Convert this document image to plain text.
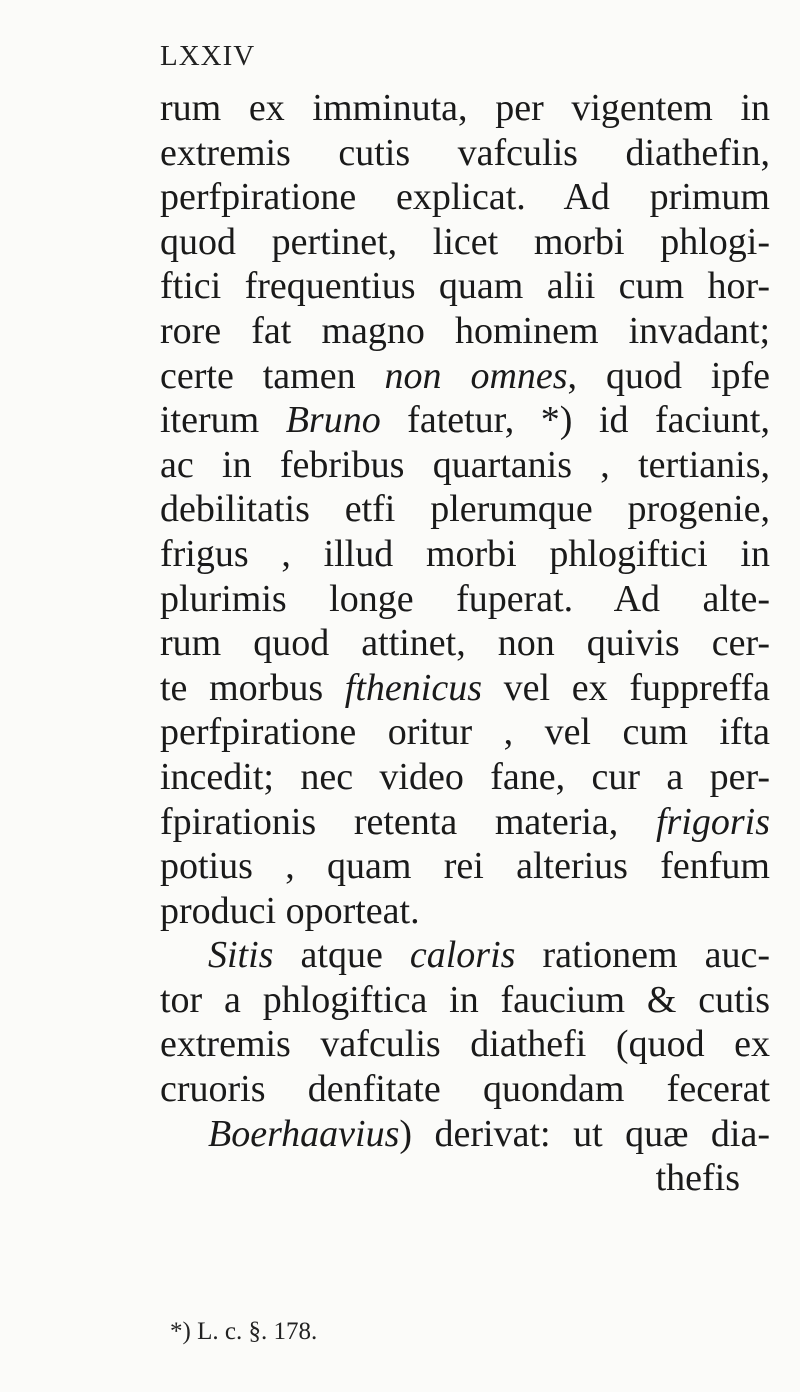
LXXIV
rum ex imminuta, per vigentem in
extremis cutis vafculis diathefin,
perfpiratione explicat. Ad primum
quod pertinet, licet morbi phlogi-
ftici frequentius quam alii cum hor-
rore fat magno hominem invadant;
certe tamen non omnes, quod ipfe
iterum Bruno fatetur, *) id faciunt,
ac in febribus quartanis , tertianis,
debilitatis etfi plerumque progenie,
frigus , illud morbi phlogiftici in
plurimis longe fuperat. Ad alte-
rum quod attinet, non quivis cer-
te morbus fthenicus vel ex fuppreffa
perfpiratione oritur , vel cum ifta
incedit; nec video fane, cur a per-
fpirationis retenta materia, frigoris
potius , quam rei alterius fenfum
produci oporteat.
Sitis atque caloris rationem auc-
tor a phlogiftica in faucium & cutis
extremis vafculis diathefi (quod ex
cruoris denfitate quondam fecerat
Boerhaavius) derivat: ut quæ dia-
thefis
*) L. c. §. 178.
